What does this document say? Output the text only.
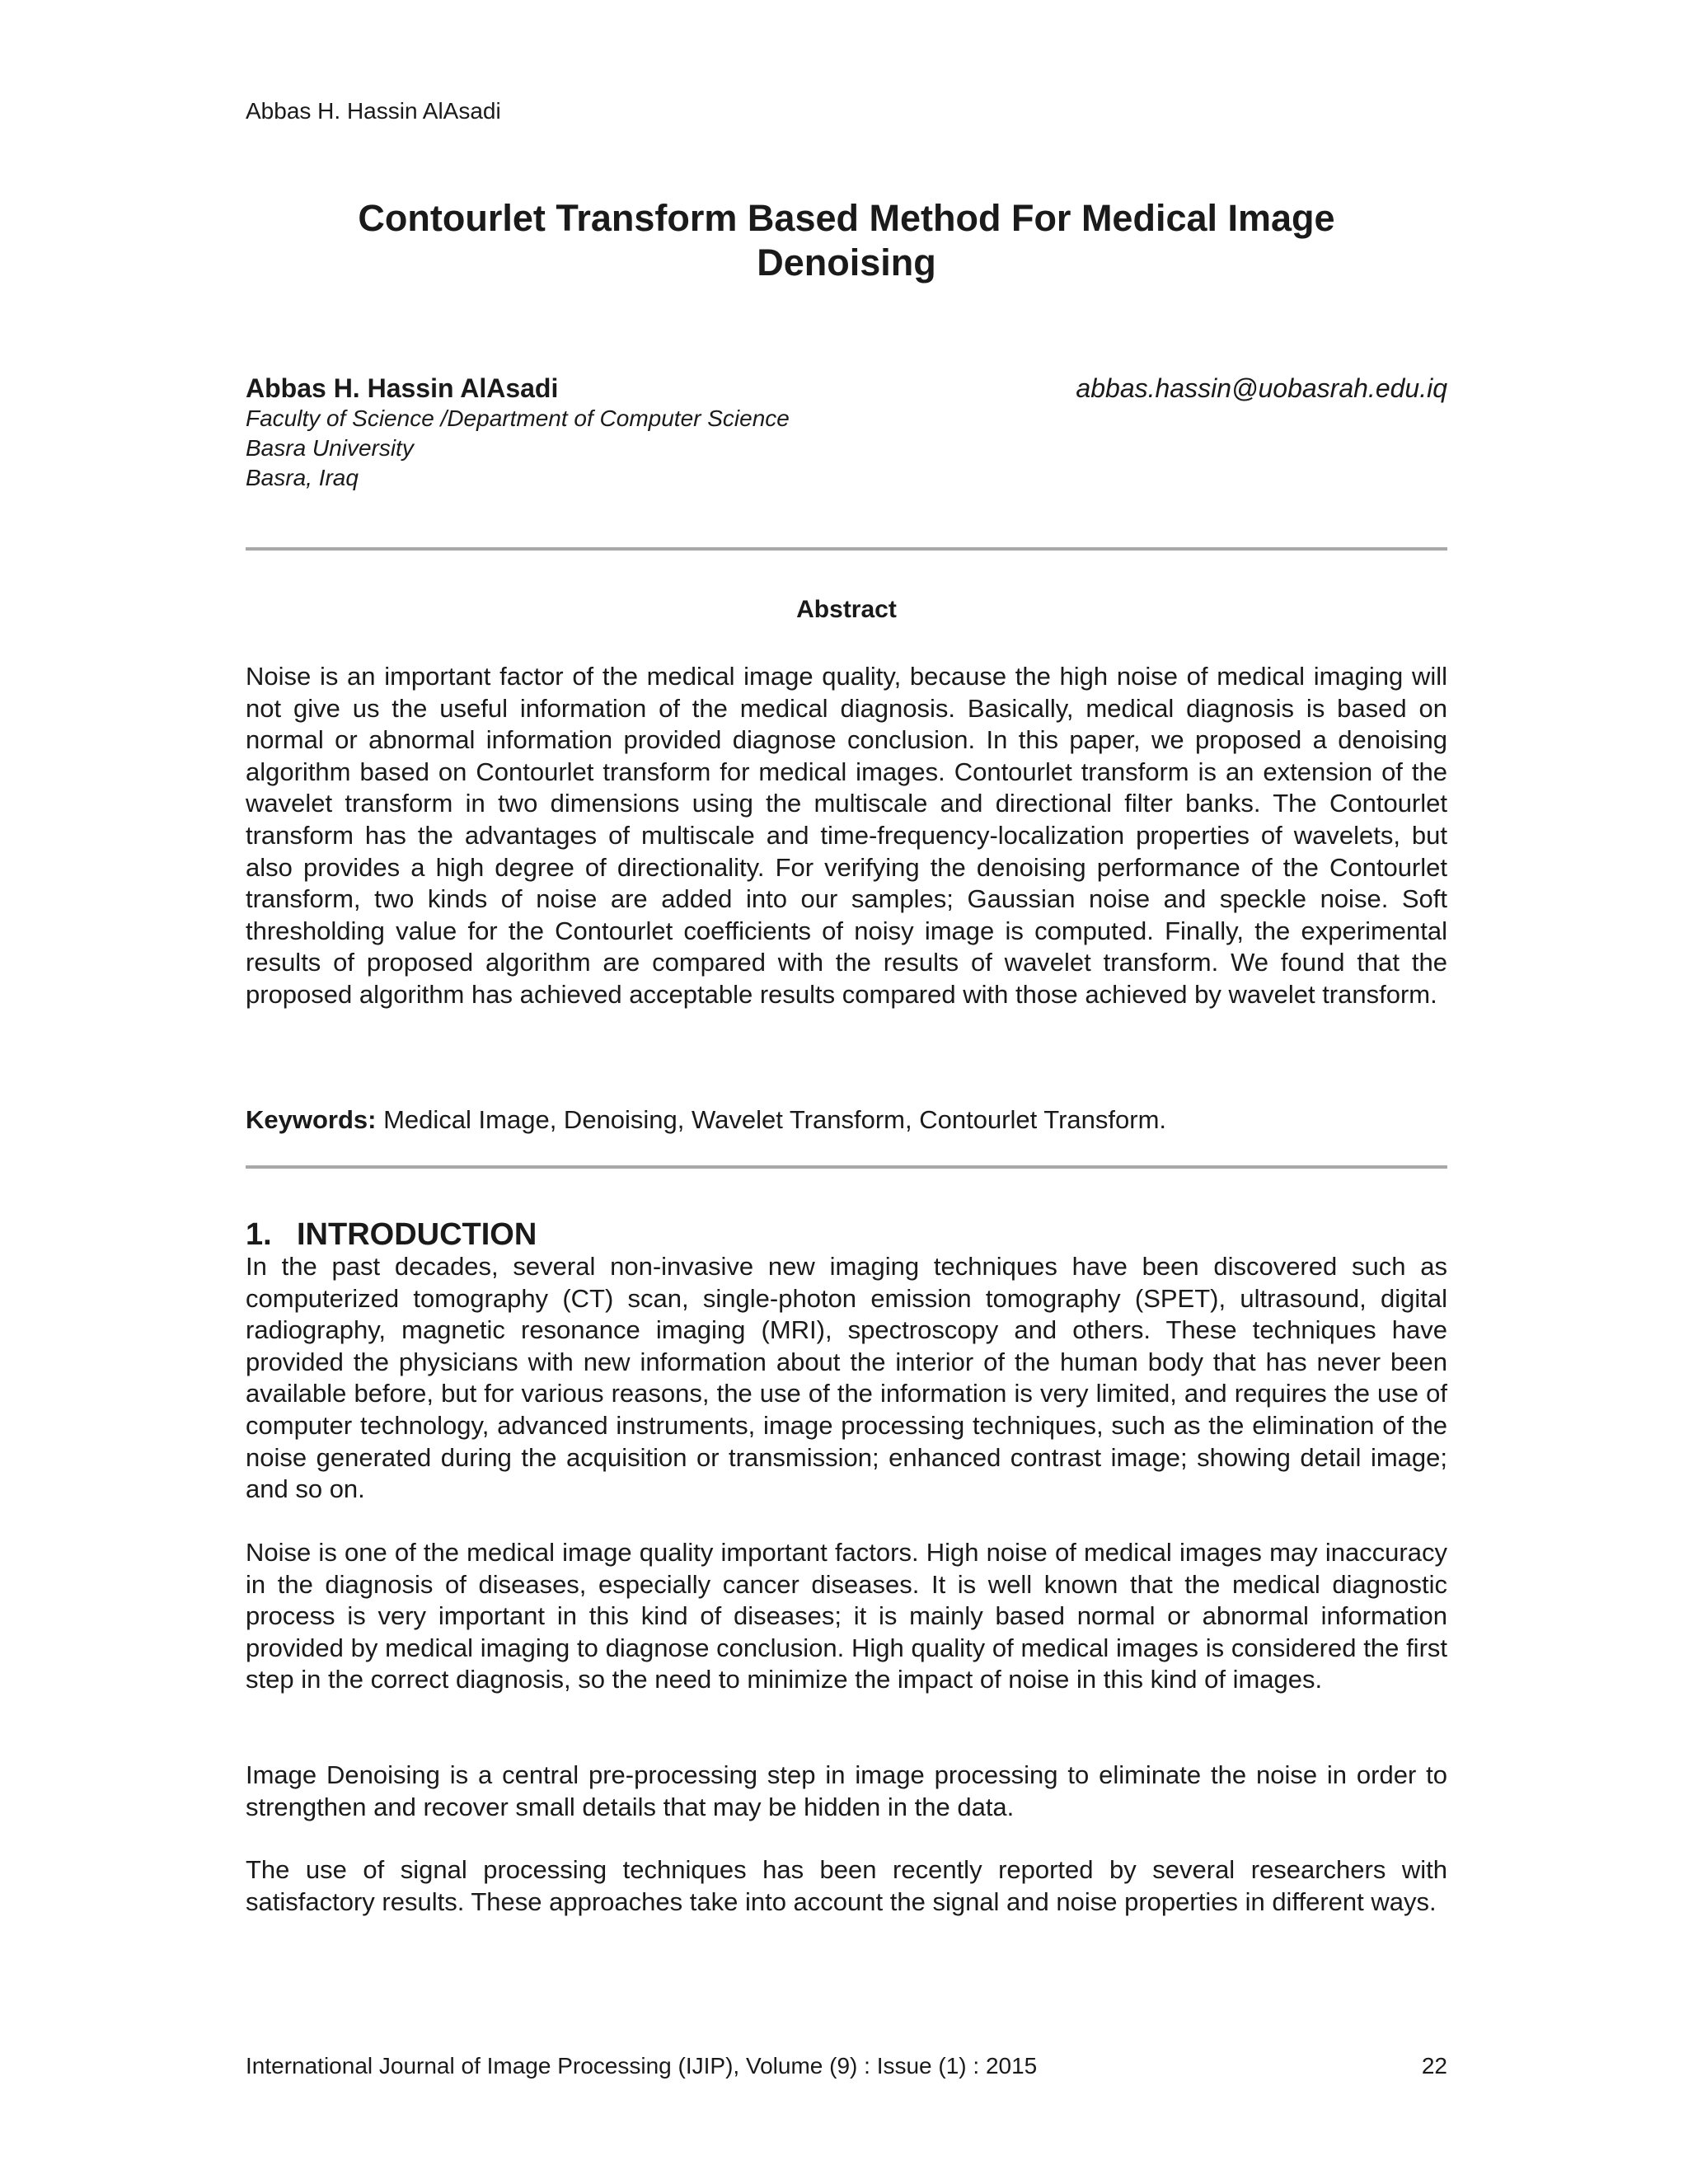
Abbas H. Hassin AlAsadi
Contourlet Transform Based Method For Medical Image
Denoising
Abbas H. Hassin AlAsadi	abbas.hassin@uobasrah.edu.iq
Faculty of Science /Department of Computer Science
Basra University
Basra, Iraq
Abstract

Noise is an important factor of the medical image quality, because the high noise of medical imaging will not give us the useful information of the medical diagnosis. Basically, medical diagnosis is based on normal or abnormal information provided diagnose conclusion. In this paper, we proposed a denoising algorithm based on Contourlet transform for medical images. Contourlet transform is an extension of the wavelet transform in two dimensions using the multiscale and directional filter banks. The Contourlet transform has the advantages of multiscale and time-frequency-localization properties of wavelets, but also provides a high degree of directionality. For verifying the denoising performance of the Contourlet transform, two kinds of noise are added into our samples; Gaussian noise and speckle noise. Soft thresholding value for the Contourlet coefficients of noisy image is computed. Finally, the experimental results of proposed algorithm are compared with the results of wavelet transform. We found that the proposed algorithm has achieved acceptable results compared with those achieved by wavelet transform.

Keywords: Medical Image, Denoising, Wavelet Transform, Contourlet Transform.
1. INTRODUCTION

In the past decades, several non-invasive new imaging techniques have been discovered such as computerized tomography (CT) scan, single-photon emission tomography (SPET), ultrasound, digital radiography, magnetic resonance imaging (MRI), spectroscopy and others. These techniques have provided the physicians with new information about the interior of the human body that has never been available before, but for various reasons, the use of the information is very limited, and requires the use of computer technology, advanced instruments, image processing techniques, such as the elimination of the noise generated during the acquisition or transmission; enhanced contrast image; showing detail image; and so on.

Noise is one of the medical image quality important factors. High noise of medical images may inaccuracy in the diagnosis of diseases, especially cancer diseases. It is well known that the medical diagnostic process is very important in this kind of diseases; it is mainly based normal or abnormal information provided by medical imaging to diagnose conclusion. High quality of medical images is considered the first step in the correct diagnosis, so the need to minimize the impact of noise in this kind of images.

Image Denoising is a central pre-processing step in image processing to eliminate the noise in order to strengthen and recover small details that may be hidden in the data.

The use of signal processing techniques has been recently reported by several researchers with satisfactory results. These approaches take into account the signal and noise properties in different ways.

International Journal of Image Processing (IJIP), Volume (9) : Issue (1) : 2015	22
